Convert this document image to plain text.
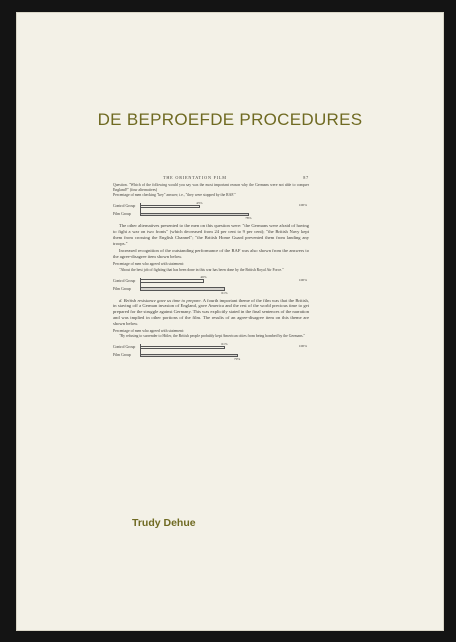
DE BEPROEFDE PROCEDURES
THE ORIENTATION FILM	87

Question. "Which of the following would you say was the most important reason why the Germans were not able to conquer England?" (four alternatives)

Percentage of men checking "key" answer; i.e., "they were stopped by the RAF."

100%
Control Group
43%
Film Group
78%

The other alternatives presented to the men on this question were: "the Germans were afraid of having to fight a war on two fronts" (which decreased from 24 per cent to 9 per cent); "the British Navy kept them from crossing the English Channel"; "the British Home Guard prevented them from landing any troops."

Increased recognition of the outstanding performance of the RAF was also shown from the answers to the agree-disagree item shown below.

Percentage of men who agreed with statement:

"About the best job of fighting that has been done in this war has been done by the British Royal Air Force."

100%
Control Group
46%
Film Group
61%

d. British resistance gave us time to prepare. A fourth important theme of the film was that the British, in staving off a German invasion of England, gave America and the rest of the world precious time to get prepared for the struggle against Germany. This was explicitly stated in the final sentences of the narration and was implied in other portions of the film. The results of an agree-disagree item on this theme are shown below.

Percentage of men who agreed with statement:

"By refusing to surrender to Hitler, the British people probably kept American cities from being bombed by the Germans."

100%
Control Group
61%
Film Group
70%
Trudy Dehue
